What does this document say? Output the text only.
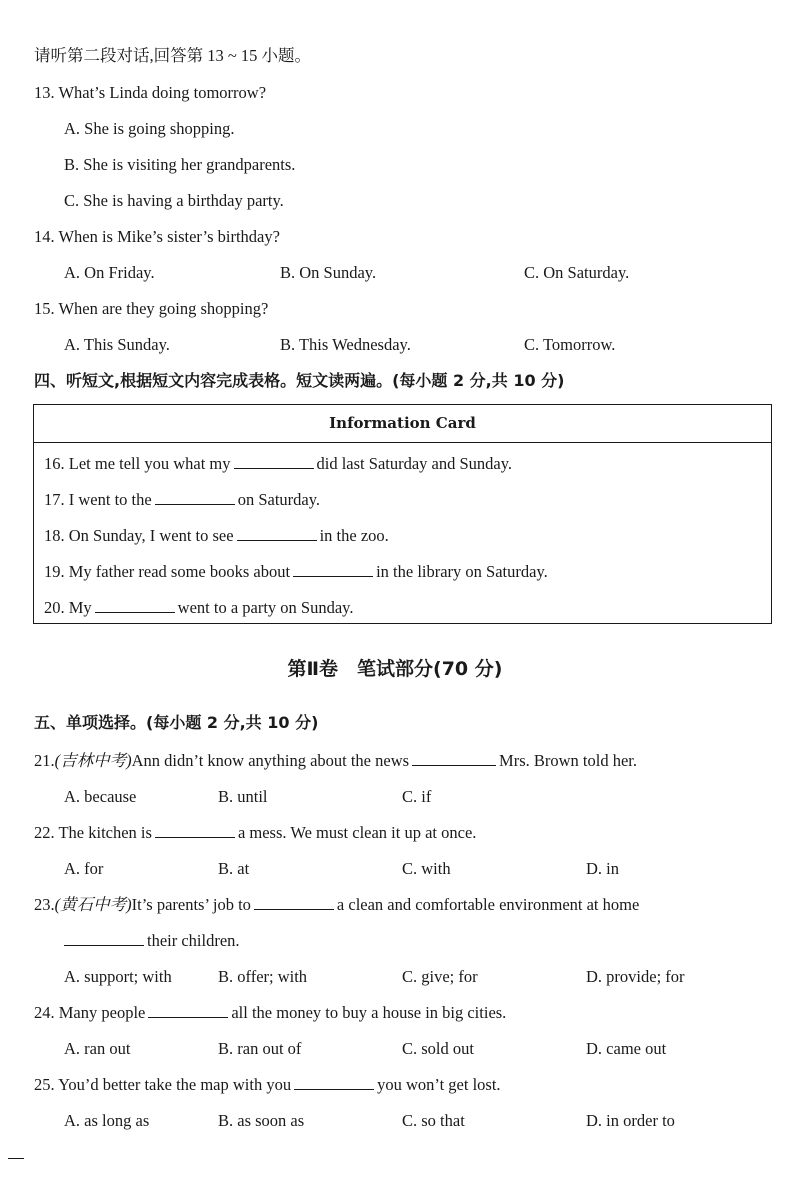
请听第二段对话,回答第 13 ~ 15 小题。
13. What’s Linda doing tomorrow?
A. She is going shopping.
B. She is visiting her grandparents.
C. She is having a birthday party.
14. When is Mike’s sister’s birthday?
A. On Friday.	B. On Sunday.	C. On Saturday.
15. When are they going shopping?
A. This Sunday.	B. This Wednesday.	C. Tomorrow.
四、听短文,根据短文内容完成表格。短文读两遍。(每小题 2 分,共 10 分)
Information Card
16. Let me tell you what my	did last Saturday and Sunday.
17. I went to the	on Saturday.
18. On Sunday, I went to see	in the zoo.
19. My father read some books about	in the library on Saturday.
20. My	went to a party on Sunday.
第Ⅱ卷　笔试部分(70 分)
五、单项选择。(每小题 2 分,共 10 分)
21.(吉林中考)Ann didn’t know anything about the news	Mrs. Brown told her.
A. because	B. until	C. if
22. The kitchen is	a mess. We must clean it up at once.
A. for	B. at	C. with	D. in
23.(黄石中考)It’s parents’ job to	a clean and comfortable environment at home
their children.
A. support; with	B. offer; with	C. give; for	D. provide; for
24. Many people	all the money to buy a house in big cities.
A. ran out	B. ran out of	C. sold out	D. came out
25. You’d better take the map with you	you won’t get lost.
A. as long as	B. as soon as	C. so that	D. in order to
